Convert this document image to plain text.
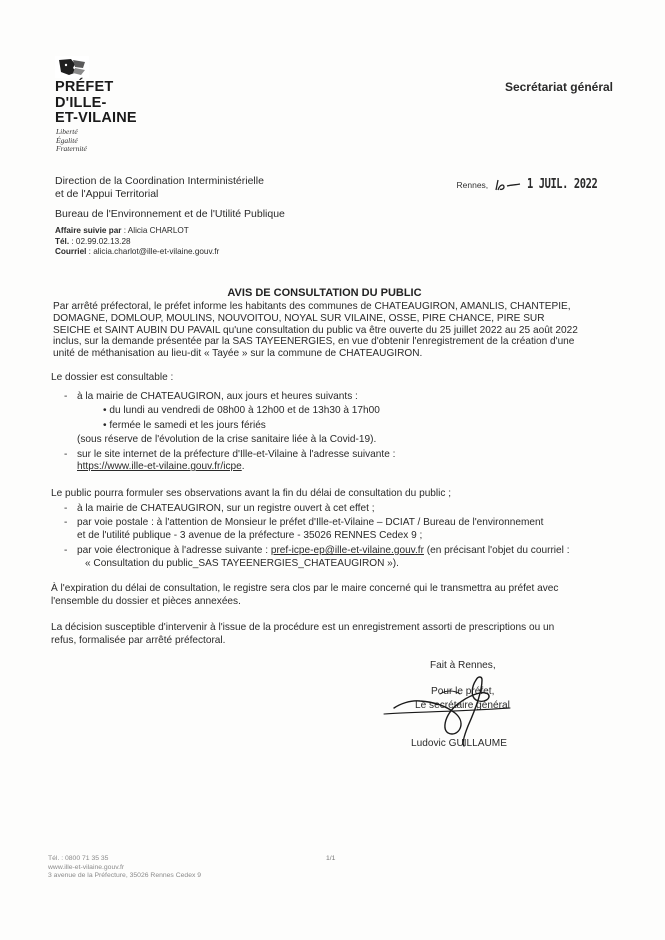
PRÉFET
D'ILLE-
ET-VILAINE
Liberté
Égalité
Fraternité
Secrétariat général
Direction de la Coordination Interministérielle
et de l'Appui Territorial
Bureau de l'Environnement et de l'Utilité Publique
Affaire suivie par : Alicia CHARLOT
Tél. : 02.99.02.13.28
Courriel : alicia.charlot@ille-et-vilaine.gouv.fr
Rennes,	1 JUIL. 2022
AVIS DE CONSULTATION DU PUBLIC
Par arrêté préfectoral, le préfet informe les habitants des communes de CHATEAUGIRON, AMANLIS, CHANTEPIE,
DOMAGNE, DOMLOUP, MOULINS, NOUVOITOU, NOYAL SUR VILAINE, OSSE, PIRE CHANCE, PIRE SUR
SEICHE et SAINT AUBIN DU PAVAIL qu'une consultation du public va être ouverte du 25 juillet 2022 au 25 août 2022
inclus, sur la demande présentée par la SAS TAYEENERGIES, en vue d'obtenir l'enregistrement de la création d'une
unité de méthanisation au lieu-dit « Tayée » sur la commune de CHATEAUGIRON.
Le dossier est consultable :
- à la mairie de CHATEAUGIRON, aux jours et heures suivants :
• du lundi au vendredi de 08h00 à 12h00 et de 13h30 à 17h00
• fermée le samedi et les jours fériés
(sous réserve de l'évolution de la crise sanitaire liée à la Covid-19).
- sur le site internet de la préfecture d'Ille-et-Vilaine à l'adresse suivante :
https://www.ille-et-vilaine.gouv.fr/icpe.
Le public pourra formuler ses observations avant la fin du délai de consultation du public ;
- à la mairie de CHATEAUGIRON, sur un registre ouvert à cet effet ;
- par voie postale : à l'attention de Monsieur le préfet d'Ille-et-Vilaine – DCIAT / Bureau de l'environnement
et de l'utilité publique - 3 avenue de la préfecture - 35026 RENNES Cedex 9 ;
- par voie électronique à l'adresse suivante : pref-icpe-ep@ille-et-vilaine.gouv.fr (en précisant l'objet du courriel :
« Consultation du public_SAS TAYEENERGIES_CHATEAUGIRON »).
À l'expiration du délai de consultation, le registre sera clos par le maire concerné qui le transmettra au préfet avec
l'ensemble du dossier et pièces annexées.
La décision susceptible d'intervenir à l'issue de la procédure est un enregistrement assorti de prescriptions ou un
refus, formalisée par arrêté préfectoral.
Fait à Rennes,
Pour le préfet,
Le secrétaire général
Ludovic GUILLAUME
Tél. : 0800 71 35 35
www.ille-et-vilaine.gouv.fr
3 avenue de la Préfecture, 35026 Rennes Cedex 9
1/1
